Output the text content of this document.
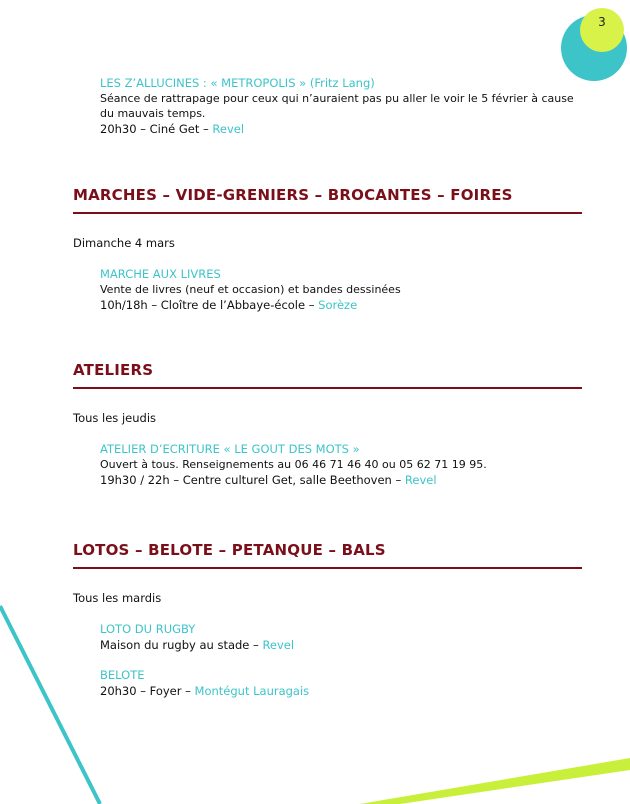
3
LES Z’ALLUCINES : « METROPOLIS » (Fritz Lang)
Séance de rattrapage pour ceux qui n’auraient pas pu aller le voir le 5 février à cause
du mauvais temps.
20h30 – Ciné Get – Revel
MARCHES – VIDE-GRENIERS – BROCANTES – FOIRES
Dimanche 4 mars
MARCHE AUX LIVRES
Vente de livres (neuf et occasion) et bandes dessinées
10h/18h – Cloître de l’Abbaye-école – Sorèze
ATELIERS
Tous les jeudis
ATELIER D’ECRITURE « LE GOUT DES MOTS »
Ouvert à tous. Renseignements au 06 46 71 46 40 ou 05 62 71 19 95.
19h30 / 22h – Centre culturel Get, salle Beethoven – Revel
LOTOS – BELOTE – PETANQUE – BALS
Tous les mardis
LOTO DU RUGBY
Maison du rugby au stade – Revel
BELOTE
20h30 – Foyer – Montégut Lauragais
